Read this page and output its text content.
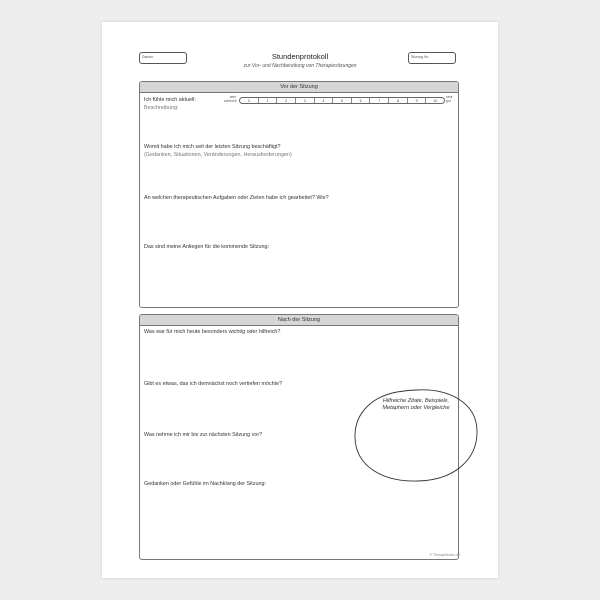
Stundenprotokoll
zur Vor- und Nachbereitung von Therapiesitzungen
Datum:	Sitzung Nr.:
Vor der Sitzung
Ich fühle mich aktuell:	sehr
schlecht	0	1	2	3	4	5	6	7	8	9	10
sehr
gut
Beschreibung:
Womit habe ich mich seit der letzten Sitzung beschäftigt?
(Gedanken, Situationen, Veränderungen, Herausforderungen)
An welchen therapeutischen Aufgaben oder Zielen habe ich gearbeitet? Wie?
Das sind meine Anliegen für die kommende Sitzung:
Nach der Sitzung
Was war für mich heute besonders wichtig oder hilfreich?
Gibt es etwas, das ich demnächst noch vertiefen möchte?
Was nehme ich mir bis zur nächsten Sitzung vor?
Gedanken oder Gefühle im Nachklang der Sitzung:
Hilfreiche Zitate, Beispiele,
Metaphern oder Vergleiche
© Therapiekram.de
